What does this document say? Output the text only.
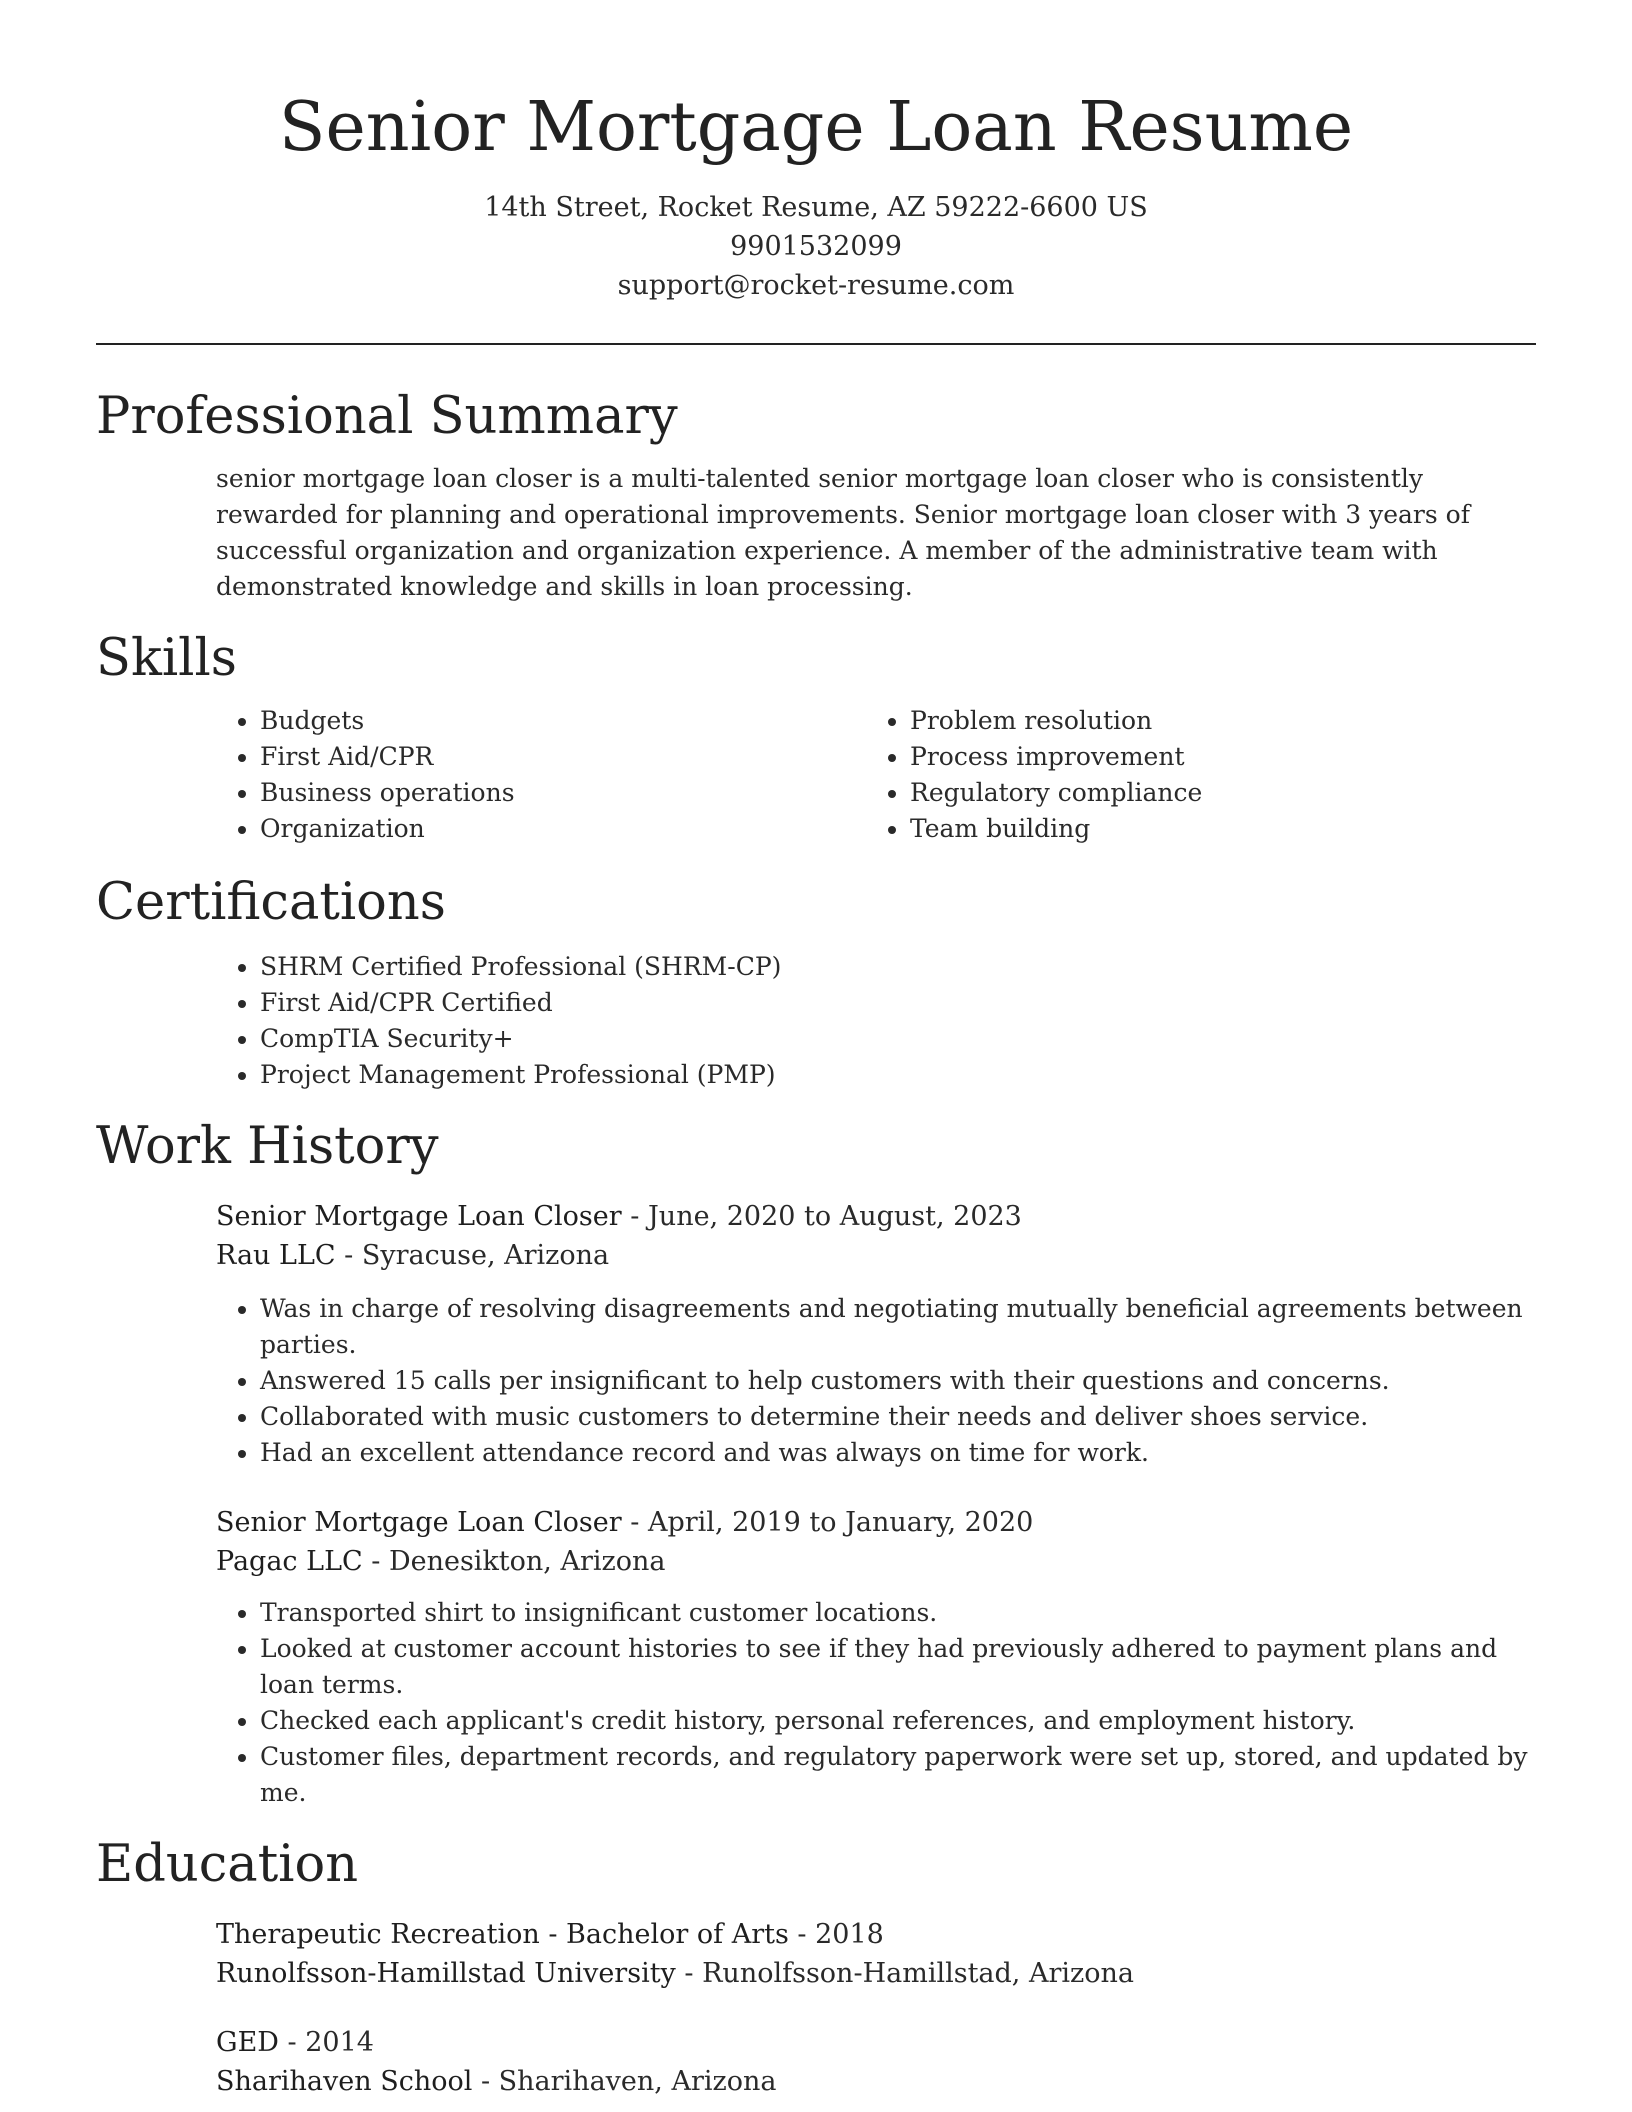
Senior Mortgage Loan Resume

14th Street, Rocket Resume, AZ 59222-6600 US

9901532099

support@rocket-resume.com

Professional Summary

senior mortgage loan closer is a multi-talented senior mortgage loan closer who is consistently rewarded for planning and operational improvements. Senior mortgage loan closer with 3 years of successful organization and organization experience. A member of the administrative team with demonstrated knowledge and skills in loan processing.

Skills
• Budgets
• First Aid/CPR
• Business operations
• Organization
• Problem resolution
• Process improvement
• Regulatory compliance
• Team building
Certifications
• SHRM Certified Professional (SHRM-CP)
• First Aid/CPR Certified
• CompTIA Security+
• Project Management Professional (PMP)
Work History
Senior Mortgage Loan Closer - June, 2020 to August, 2023
Rau LLC - Syracuse, Arizona
• Was in charge of resolving disagreements and negotiating mutually beneficial agreements between parties.
• Answered 15 calls per insignificant to help customers with their questions and concerns.
• Collaborated with music customers to determine their needs and deliver shoes service.
• Had an excellent attendance record and was always on time for work.
Senior Mortgage Loan Closer - April, 2019 to January, 2020
Pagac LLC - Denesikton, Arizona
• Transported shirt to insignificant customer locations.
• Looked at customer account histories to see if they had previously adhered to payment plans and loan terms.
• Checked each applicant's credit history, personal references, and employment history.
• Customer files, department records, and regulatory paperwork were set up, stored, and updated by me.
Education
Therapeutic Recreation - Bachelor of Arts - 2018
Runolfsson-Hamillstad University - Runolfsson-Hamillstad, Arizona
GED - 2014
Sharihaven School - Sharihaven, Arizona
